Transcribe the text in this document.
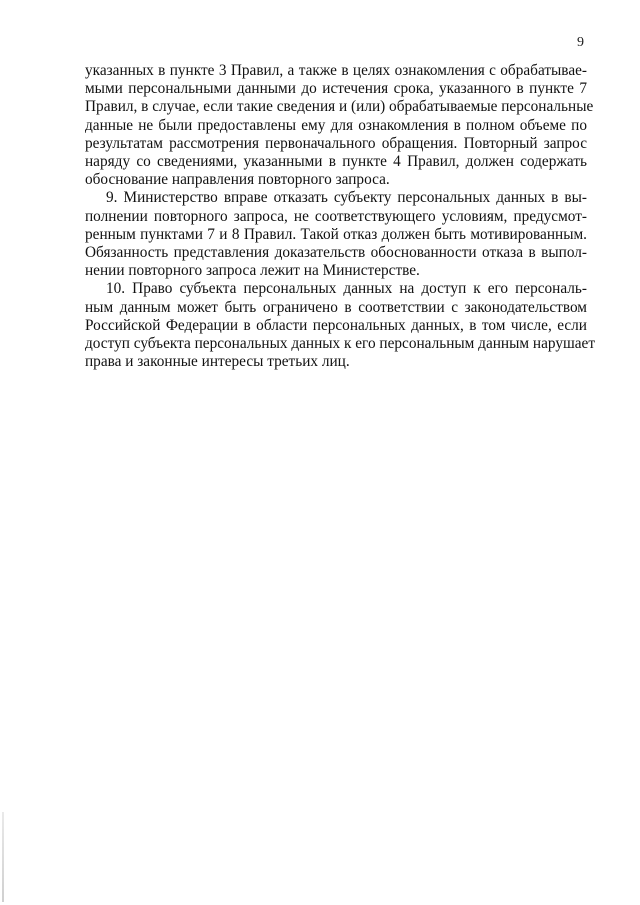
9

указанных в пункте 3 Правил, а также в целях ознакомления с обрабатывае-
мыми персональными данными до истечения срока, указанного в пункте 7
Правил, в случае, если такие сведения и (или) обрабатываемые персональные
данные не были предоставлены ему для ознакомления в полном объеме по
результатам рассмотрения первоначального обращения. Повторный запрос
наряду со сведениями, указанными в пункте 4 Правил, должен содержать
обоснование направления повторного запроса.

9. Министерство вправе отказать субъекту персональных данных в вы-
полнении повторного запроса, не соответствующего условиям, предусмот-
ренным пунктами 7 и 8 Правил. Такой отказ должен быть мотивированным.
Обязанность представления доказательств обоснованности отказа в выпол-
нении повторного запроса лежит на Министерстве.

10. Право субъекта персональных данных на доступ к его персональ-
ным данным может быть ограничено в соответствии с законодательством
Российской Федерации в области персональных данных, в том числе, если
доступ субъекта персональных данных к его персональным данным нарушает
права и законные интересы третьих лиц.
